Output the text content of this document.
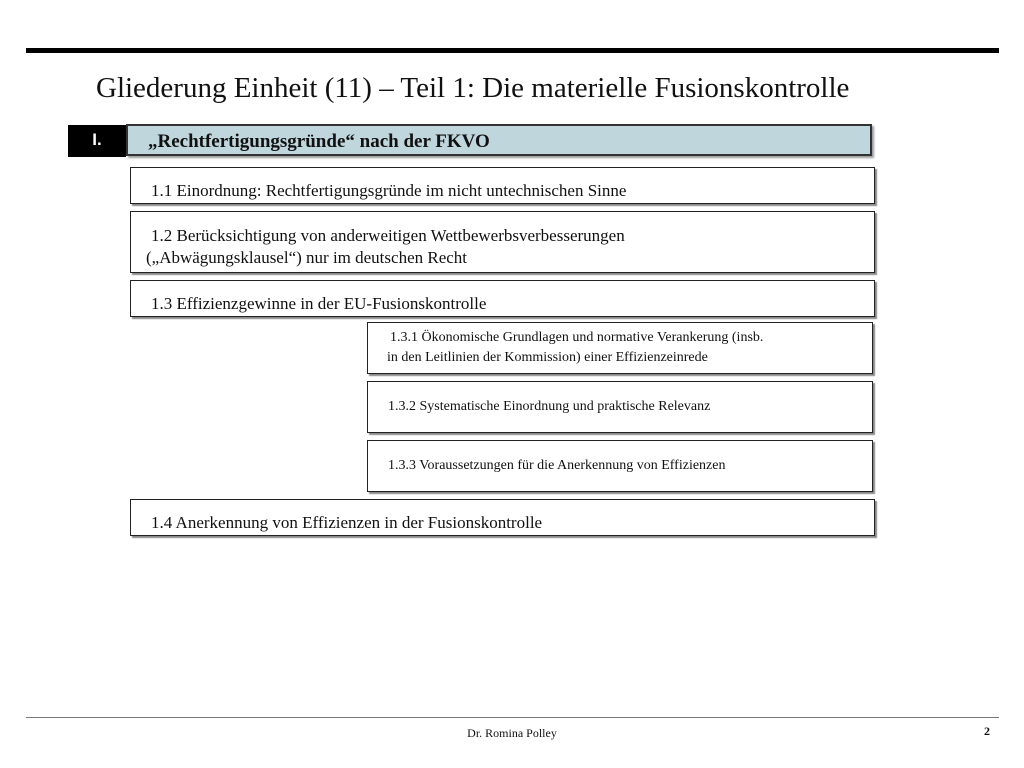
Gliederung Einheit (11) – Teil 1: Die materielle Fusionskontrolle
I.	„Rechtfertigungsgründe“ nach der FKVO
1.1 Einordnung: Rechtfertigungsgründe im nicht untechnischen Sinne
1.2 Berücksichtigung von anderweitigen Wettbewerbsverbesserungen
(„Abwägungsklausel“) nur im deutschen Recht
1.3 Effizienzgewinne in der EU-Fusionskontrolle
1.3.1 Ökonomische Grundlagen und normative Verankerung (insb.
in den Leitlinien der Kommission) einer Effizienzeinrede
1.3.2 Systematische Einordnung und praktische Relevanz
1.3.3 Voraussetzungen für die Anerkennung von Effizienzen
1.4 Anerkennung von Effizienzen in der Fusionskontrolle
Dr. Romina Polley	2
